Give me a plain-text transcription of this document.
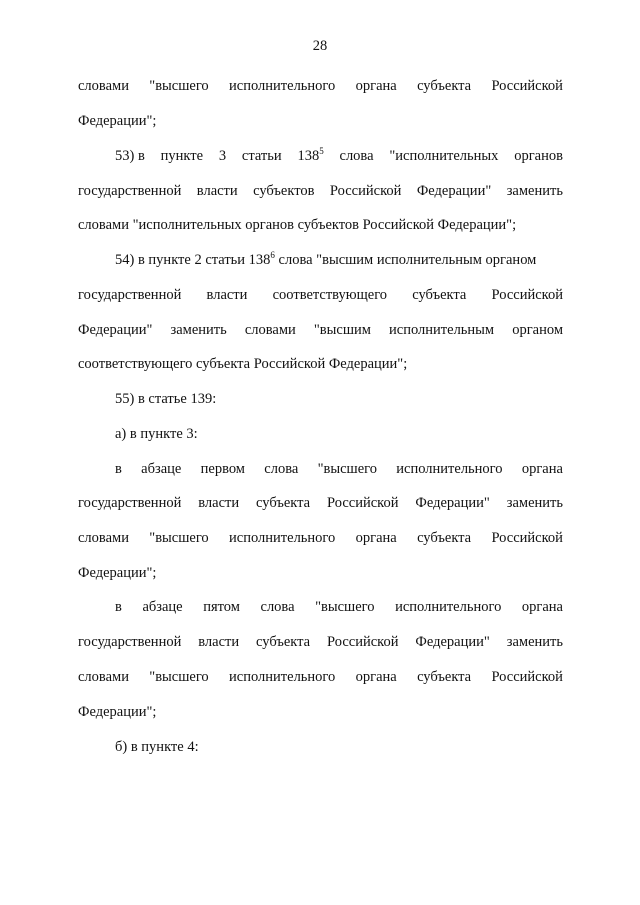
28
словами "высшего исполнительного органа субъекта Российской
Федерации";
53) в пункте 3 статьи $138^5$ слова "исполнительных органов
государственной власти субъектов Российской Федерации" заменить
словами "исполнительных органов субъектов Российской Федерации";
54) в пункте 2 статьи $138^6$ слова "высшим исполнительным органом
государственной власти соответствующего субъекта Российской
Федерации" заменить словами "высшим исполнительным органом
соответствующего субъекта Российской Федерации";
55) в статье 139:
а) в пункте 3:
в абзаце первом слова "высшего исполнительного органа
государственной власти субъекта Российской Федерации" заменить
словами "высшего исполнительного органа субъекта Российской
Федерации";
в абзаце пятом слова "высшего исполнительного органа
государственной власти субъекта Российской Федерации" заменить
словами "высшего исполнительного органа субъекта Российской
Федерации";
б) в пункте 4:
